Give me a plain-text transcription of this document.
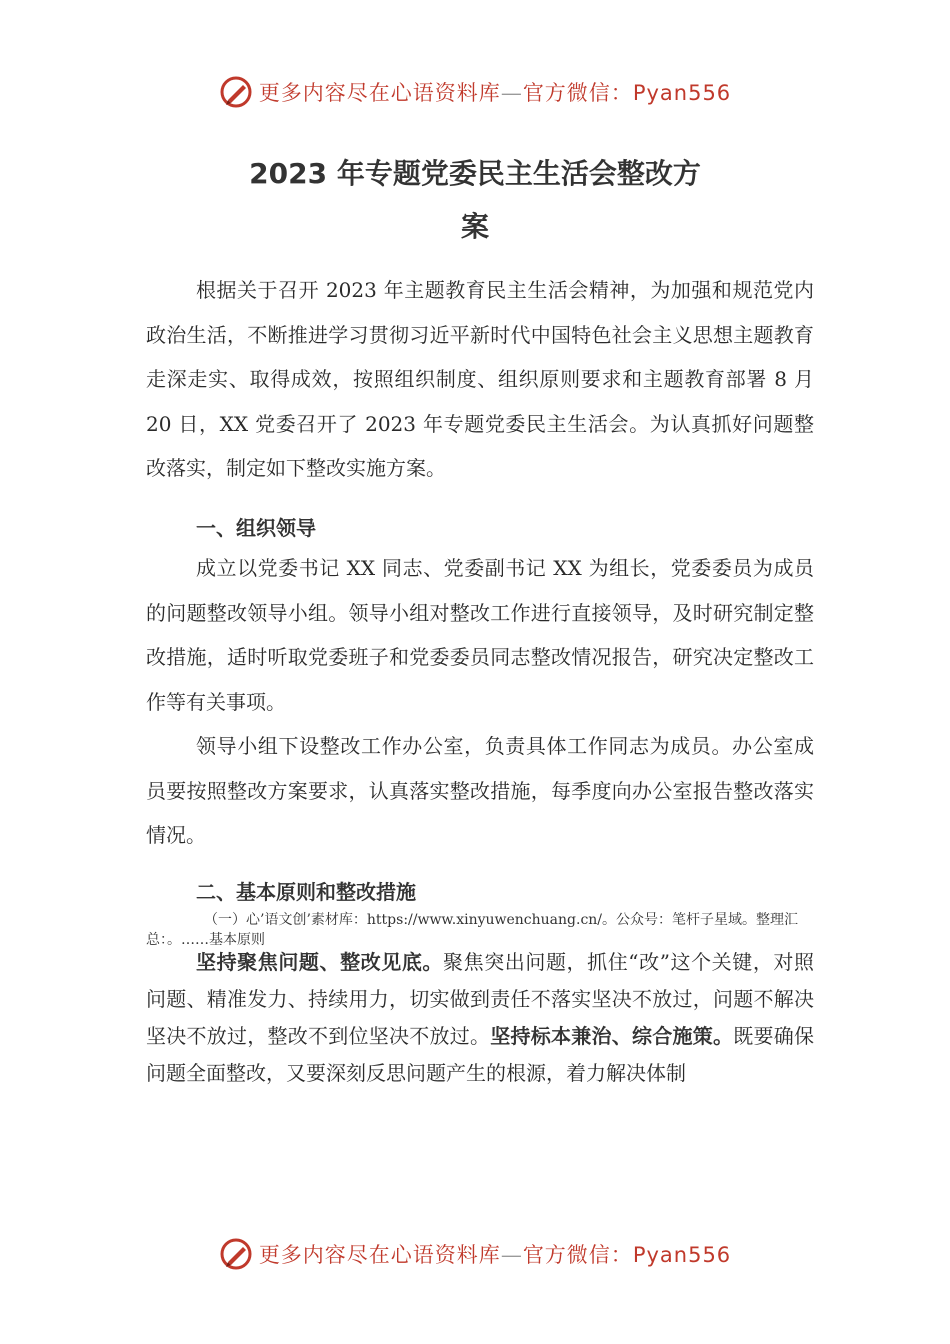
更多内容尽在心语资料库—官方微信：Pyan556
2023 年专题党委民主生活会整改方
案
根据关于召开 2023 年主题教育民主生活会精神，为加强和规范党内政治生活，不断推进学习贯彻习近平新时代中国特色社会主义思想主题教育走深走实、取得成效，按照组织制度、组织原则要求和主题教育部署 8 月 20 日，XX 党委召开了 2023 年专题党委民主生活会。为认真抓好问题整改落实，制定如下整改实施方案。
一、组织领导
成立以党委书记 XX 同志、党委副书记 XX 为组长，党委委员为成员的问题整改领导小组。领导小组对整改工作进行直接领导，及时研究制定整改措施，适时听取党委班子和党委委员同志整改情况报告，研究决定整改工作等有关事项。
领导小组下设整改工作办公室，负责具体工作同志为成员。办公室成员要按照整改方案要求，认真落实整改措施，每季度向办公室报告整改落实情况。
二、基本原则和整改措施
（一）心’语文创’素材库：https://www.xinyuwenchuang.cn/。公众号：笔杆子星域。整理汇总：。……基本原则
坚持聚焦问题、整改见底。聚焦突出问题，抓住“改”这个关键，对照问题、精准发力、持续用力，切实做到责任不落实坚决不放过，问题不解决坚决不放过，整改不到位坚决不放过。坚持标本兼治、综合施策。既要确保问题全面整改，又要深刻反思问题产生的根源，着力解决体制
更多内容尽在心语资料库—官方微信：Pyan556
